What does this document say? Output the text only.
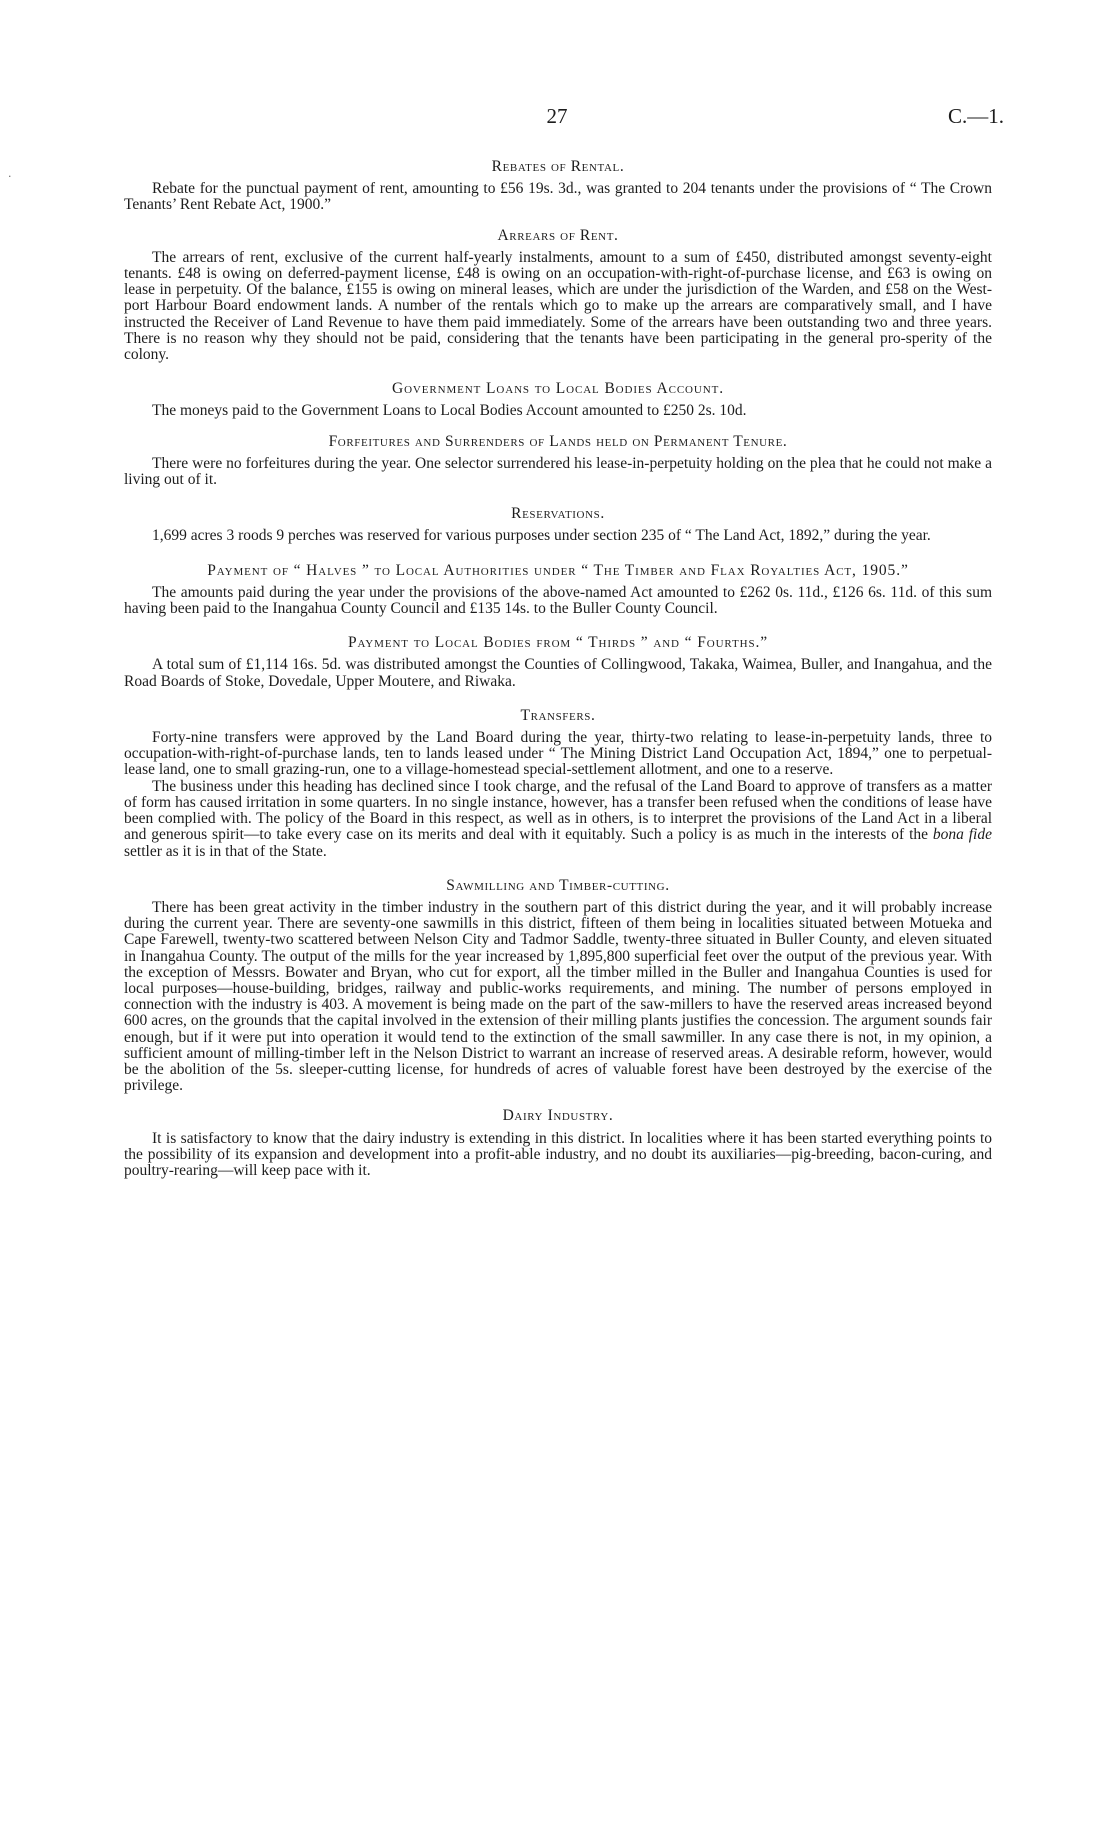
27	C.—1.
·
Rebates of Rental.

Rebate for the punctual payment of rent, amounting to £56 19s. 3d., was granted to 204 tenants under the provisions of “ The Crown Tenants’ Rent Rebate Act, 1900.”

Arrears of Rent.

The arrears of rent, exclusive of the current half-yearly instalments, amount to a sum of £450, distributed amongst seventy-eight tenants. £48 is owing on deferred-payment license, £48 is owing on an occupation-with-right-of-purchase license, and £63 is owing on lease in perpetuity. Of the balance, £155 is owing on mineral leases, which are under the jurisdiction of the Warden, and £58 on the West-port Harbour Board endowment lands. A number of the rentals which go to make up the arrears are comparatively small, and I have instructed the Receiver of Land Revenue to have them paid immediately. Some of the arrears have been outstanding two and three years. There is no reason why they should not be paid, considering that the tenants have been participating in the general pro-sperity of the colony.

Government Loans to Local Bodies Account.

The moneys paid to the Government Loans to Local Bodies Account amounted to £250 2s. 10d.

Forfeitures and Surrenders of Lands held on Permanent Tenure.

There were no forfeitures during the year. One selector surrendered his lease-in-perpetuity holding on the plea that he could not make a living out of it.

Reservations.

1,699 acres 3 roods 9 perches was reserved for various purposes under section 235 of “ The Land Act, 1892,” during the year.

Payment of “ Halves ” to Local Authorities under “ The Timber and Flax Royalties Act, 1905.”

The amounts paid during the year under the provisions of the above-named Act amounted to £262 0s. 11d., £126 6s. 11d. of this sum having been paid to the Inangahua County Council and £135 14s. to the Buller County Council.

Payment to Local Bodies from “ Thirds ” and “ Fourths.”

A total sum of £1,114 16s. 5d. was distributed amongst the Counties of Collingwood, Takaka, Waimea, Buller, and Inangahua, and the Road Boards of Stoke, Dovedale, Upper Moutere, and Riwaka.

Transfers.

Forty-nine transfers were approved by the Land Board during the year, thirty-two relating to lease-in-perpetuity lands, three to occupation-with-right-of-purchase lands, ten to lands leased under “ The Mining District Land Occupation Act, 1894,” one to perpetual-lease land, one to small grazing-run, one to a village-homestead special-settlement allotment, and one to a reserve.

The business under this heading has declined since I took charge, and the refusal of the Land Board to approve of transfers as a matter of form has caused irritation in some quarters. In no single instance, however, has a transfer been refused when the conditions of lease have been complied with. The policy of the Board in this respect, as well as in others, is to interpret the provisions of the Land Act in a liberal and generous spirit—to take every case on its merits and deal with it equitably. Such a policy is as much in the interests of the bona fide settler as it is in that of the State.

Sawmilling and Timber-cutting.

There has been great activity in the timber industry in the southern part of this district during the year, and it will probably increase during the current year. There are seventy-one sawmills in this district, fifteen of them being in localities situated between Motueka and Cape Farewell, twenty-two scattered between Nelson City and Tadmor Saddle, twenty-three situated in Buller County, and eleven situated in Inangahua County. The output of the mills for the year increased by 1,895,800 superficial feet over the output of the previous year. With the exception of Messrs. Bowater and Bryan, who cut for export, all the timber milled in the Buller and Inangahua Counties is used for local purposes—house-building, bridges, railway and public-works requirements, and mining. The number of persons employed in connection with the industry is 403. A movement is being made on the part of the saw-millers to have the reserved areas increased beyond 600 acres, on the grounds that the capital involved in the extension of their milling plants justifies the concession. The argument sounds fair enough, but if it were put into operation it would tend to the extinction of the small sawmiller. In any case there is not, in my opinion, a sufficient amount of milling-timber left in the Nelson District to warrant an increase of reserved areas. A desirable reform, however, would be the abolition of the 5s. sleeper-cutting license, for hundreds of acres of valuable forest have been destroyed by the exercise of the privilege.

Dairy Industry.

It is satisfactory to know that the dairy industry is extending in this district. In localities where it has been started everything points to the possibility of its expansion and development into a profit-able industry, and no doubt its auxiliaries—pig-breeding, bacon-curing, and poultry-rearing—will keep pace with it.
